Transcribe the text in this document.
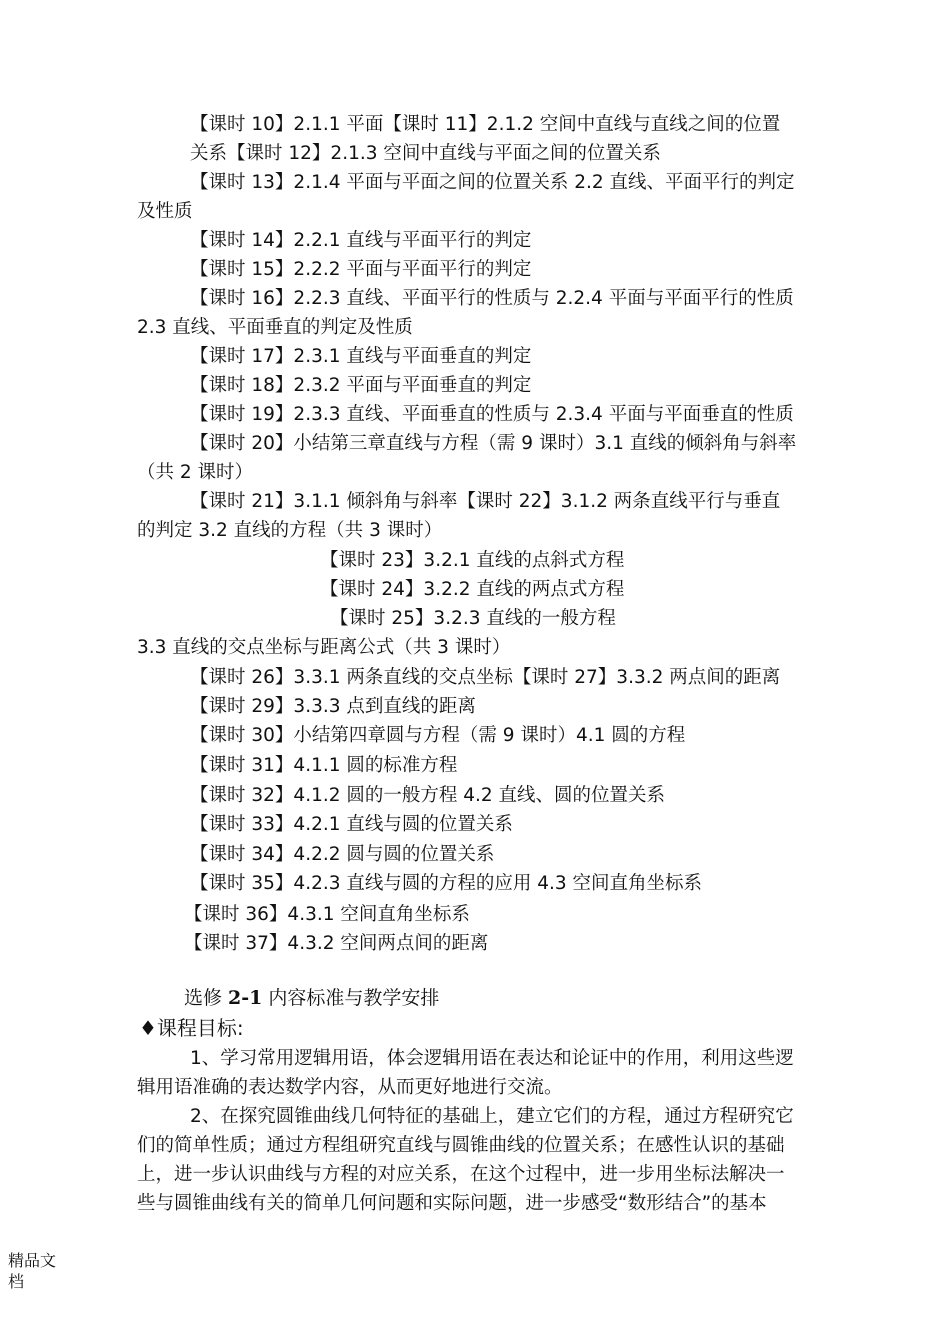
【课时 10】2.1.1 平面【课时 11】2.1.2 空间中直线与直线之间的位置

关系【课时 12】2.1.3 空间中直线与平面之间的位置关系

【课时 13】2.1.4 平面与平面之间的位置关系 2.2 直线、平面平行的判定

及性质

【课时 14】2.2.1 直线与平面平行的判定

【课时 15】2.2.2 平面与平面平行的判定

【课时 16】2.2.3 直线、平面平行的性质与 2.2.4 平面与平面平行的性质

2.3 直线、平面垂直的判定及性质

【课时 17】2.3.1 直线与平面垂直的判定

【课时 18】2.3.2 平面与平面垂直的判定

【课时 19】2.3.3 直线、平面垂直的性质与 2.3.4 平面与平面垂直的性质

【课时 20】小结第三章直线与方程（需 9 课时）3.1 直线的倾斜角与斜率

（共 2 课时）

【课时 21】3.1.1 倾斜角与斜率【课时 22】3.1.2 两条直线平行与垂直

的判定 3.2 直线的方程（共 3 课时）

【课时 23】3.2.1 直线的点斜式方程

【课时 24】3.2.2 直线的两点式方程

【课时 25】3.2.3 直线的一般方程

3.3 直线的交点坐标与距离公式（共 3 课时）

【课时 26】3.3.1 两条直线的交点坐标【课时 27】3.3.2 两点间的距离

【课时 29】3.3.3 点到直线的距离

【课时 30】小结第四章圆与方程（需 9 课时）4.1 圆的方程

【课时 31】4.1.1 圆的标准方程

【课时 32】4.1.2 圆的一般方程 4.2 直线、圆的位置关系

【课时 33】4.2.1 直线与圆的位置关系

【课时 34】4.2.2 圆与圆的位置关系

【课时 35】4.2.3 直线与圆的方程的应用 4.3 空间直角坐标系

【课时 36】4.3.1 空间直角坐标系

【课时 37】4.3.2 空间两点间的距离

选修 2-1 内容标准与教学安排

♦课程目标:

1、学习常用逻辑用语，体会逻辑用语在表达和论证中的作用，利用这些逻

辑用语准确的表达数学内容，从而更好地进行交流。

2、在探究圆锥曲线几何特征的基础上，建立它们的方程，通过方程研究它

们的简单性质；通过方程组研究直线与圆锥曲线的位置关系；在感性认识的基础

上，进一步认识曲线与方程的对应关系，在这个过程中，进一步用坐标法解决一

些与圆锥曲线有关的简单几何问题和实际问题，进一步感受“数形结合”的基本

精品文档
